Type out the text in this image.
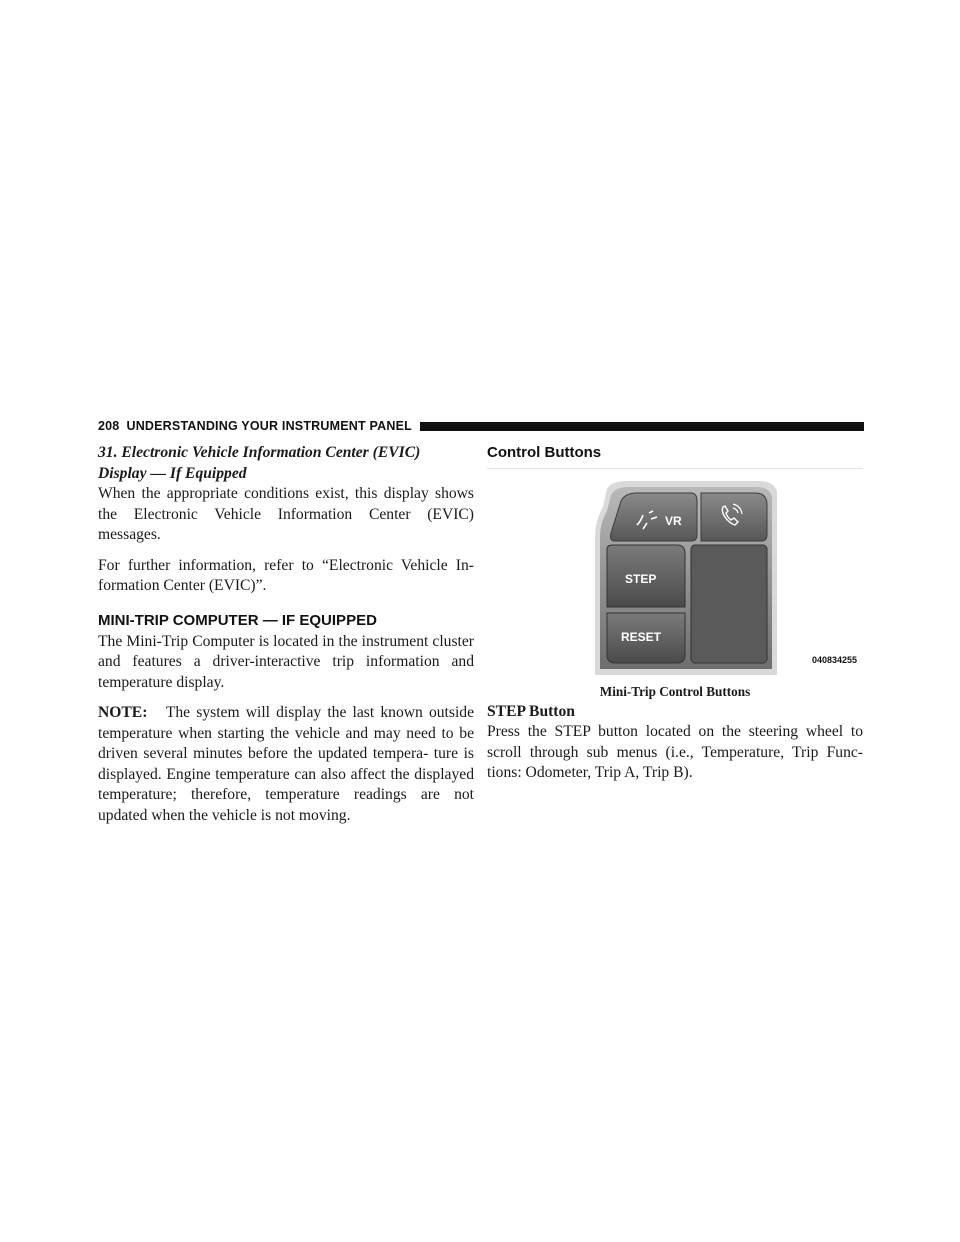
208 UNDERSTANDING YOUR INSTRUMENT PANEL
31. Electronic Vehicle Information Center (EVIC)
Display — If Equipped

When the appropriate conditions exist, this display shows the Electronic Vehicle Information Center (EVIC) messages.

For further information, refer to “Electronic Vehicle In- formation Center (EVIC)”.

MINI-TRIP COMPUTER — IF EQUIPPED

The Mini-Trip Computer is located in the instrument cluster and features a driver-interactive trip information and temperature display.

NOTE: The system will display the last known outside temperature when starting the vehicle and may need to be driven several minutes before the updated tempera- ture is displayed. Engine temperature can also affect the displayed temperature; therefore, temperature readings are not updated when the vehicle is not moving.

Control Buttons
VR
STEP
RESET
040834255
Mini-Trip Control Buttons
STEP Button

Press the STEP button located on the steering wheel to scroll through sub menus (i.e., Temperature, Trip Func- tions: Odometer, Trip A, Trip B).
